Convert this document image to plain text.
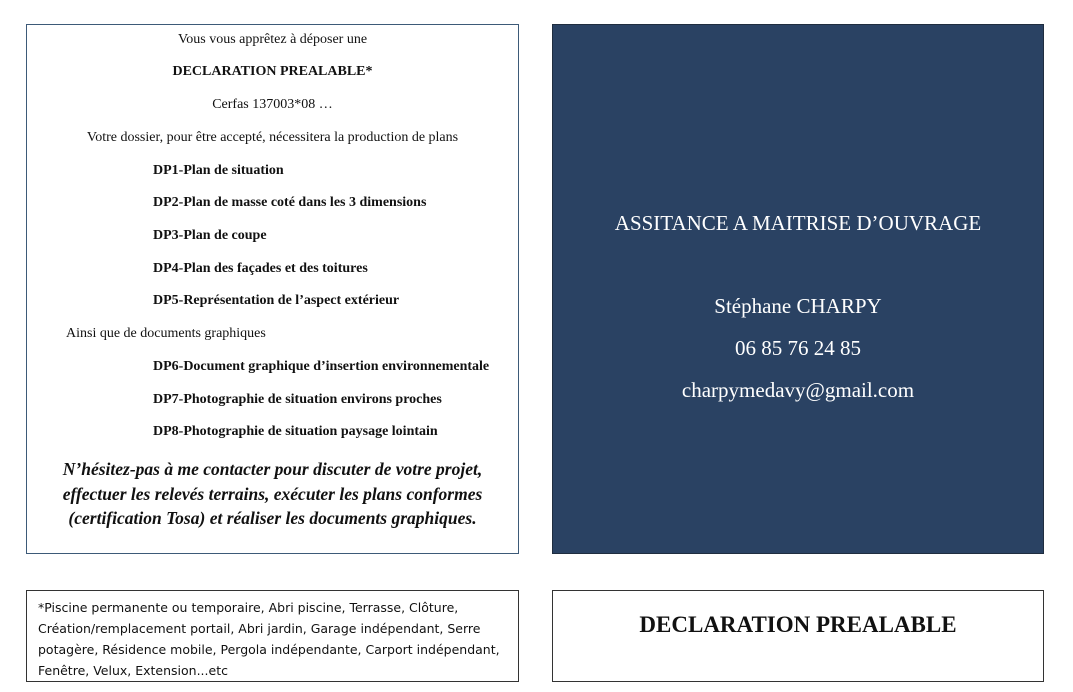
Vous vous apprêtez à déposer une
DECLARATION PREALABLE*
Cerfas 137003*08 …
Votre dossier, pour être accepté, nécessitera la production de plans
DP1-Plan de situation
DP2-Plan de masse coté dans les 3 dimensions
DP3-Plan de coupe
DP4-Plan des façades et des toitures
DP5-Représentation de l’aspect extérieur
Ainsi que de documents graphiques
DP6-Document graphique d’insertion environnementale
DP7-Photographie de situation environs proches
DP8-Photographie de situation paysage lointain
N’hésitez-pas à me contacter pour discuter de votre projet, effectuer les relevés terrains, exécuter les plans conformes (certification Tosa) et réaliser les documents graphiques.
ASSITANCE A MAITRISE D’OUVRAGE
Stéphane CHARPY
06 85 76 24 85
charpymedavy@gmail.com
*Piscine permanente ou temporaire, Abri piscine, Terrasse, Clôture,
Création/remplacement portail, Abri jardin, Garage indépendant, Serre
potagère, Résidence mobile, Pergola indépendante, Carport indépendant,
Fenêtre, Velux, Extension...etc
DECLARATION PREALABLE
